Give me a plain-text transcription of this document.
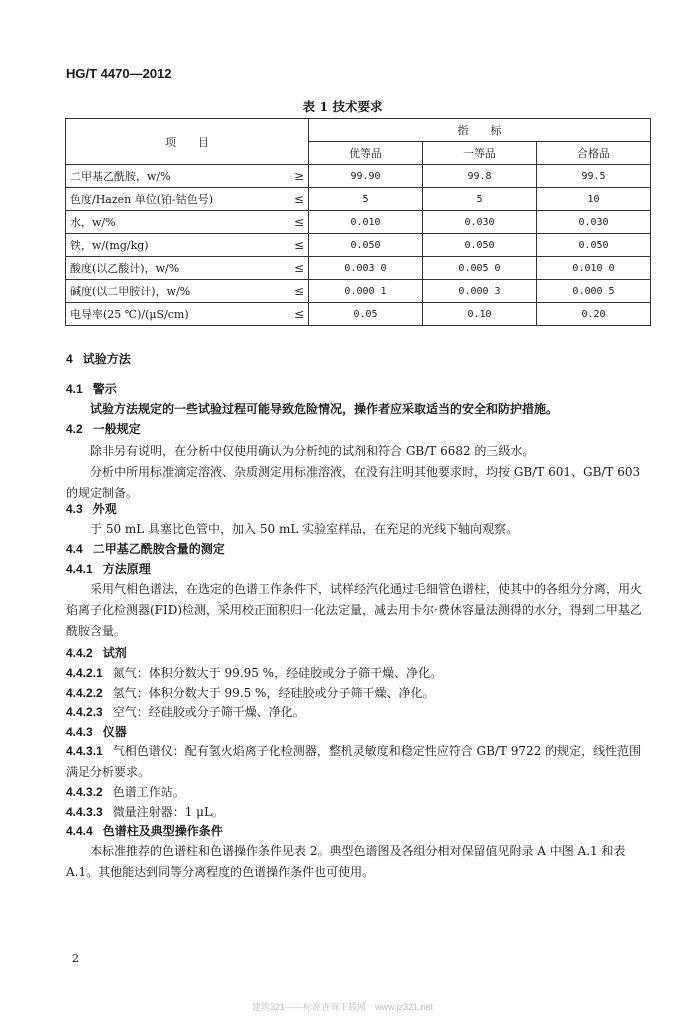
HG/T 4470—2012
表 1 技术要求
项　　目		指　　标		
		优等品	一等品	合格品
二甲基乙酰胺，w/%	≥	99.90	99.8	99.5
色度/Hazen 单位(铂-钴色号)	≤	5	5	10
水，w/%	≤	0.010	0.030	0.030
铁，w/(mg/kg)	≤	0.050	0.050	0.050
酸度(以乙酸计)，w/%	≤	0.003 0	0.005 0	0.010 0
碱度(以二甲胺计)，w/%	≤	0.000 1	0.000 3	0.000 5
电导率(25 ℃)/(μS/cm)	≤	0.05	0.10	0.20
4 试验方法
4.1 警示
试验方法规定的一些试验过程可能导致危险情况，操作者应采取适当的安全和防护措施。
4.2 一般规定
除非另有说明，在分析中仅使用确认为分析纯的试剂和符合 GB/T 6682 的三级水。
分析中所用标准滴定溶液、杂质测定用标准溶液，在没有注明其他要求时，均按 GB/T 601、GB/T 603 的规定制备。
4.3 外观
于 50 mL 具塞比色管中，加入 50 mL 实验室样品，在充足的光线下轴向观察。
4.4 二甲基乙酰胺含量的测定
4.4.1 方法原理
采用气相色谱法，在选定的色谱工作条件下，试样经汽化通过毛细管色谱柱，使其中的各组分分离，用火焰离子化检测器(FID)检测，采用校正面积归一化法定量，减去用卡尔·费休容量法测得的水分，得到二甲基乙酰胺含量。
4.4.2 试剂
4.4.2.1 氮气：体积分数大于 99.95 %，经硅胶或分子筛干燥、净化。
4.4.2.2 氢气：体积分数大于 99.5 %，经硅胶或分子筛干燥、净化。
4.4.2.3 空气：经硅胶或分子筛干燥、净化。
4.4.3 仪器
4.4.3.1 气相色谱仪：配有氢火焰离子化检测器，整机灵敏度和稳定性应符合 GB/T 9722 的规定，线性范围满足分析要求。
4.4.3.2 色谱工作站。
4.4.3.3 微量注射器：1 μL。
4.4.4 色谱柱及典型操作条件
本标准推荐的色谱柱和色谱操作条件见表 2。典型色谱图及各组分相对保留值见附录 A 中图 A.1 和表 A.1。其他能达到同等分离程度的色谱操作条件也可使用。
2
建筑321——标准查询下载网　www.jz321.net
